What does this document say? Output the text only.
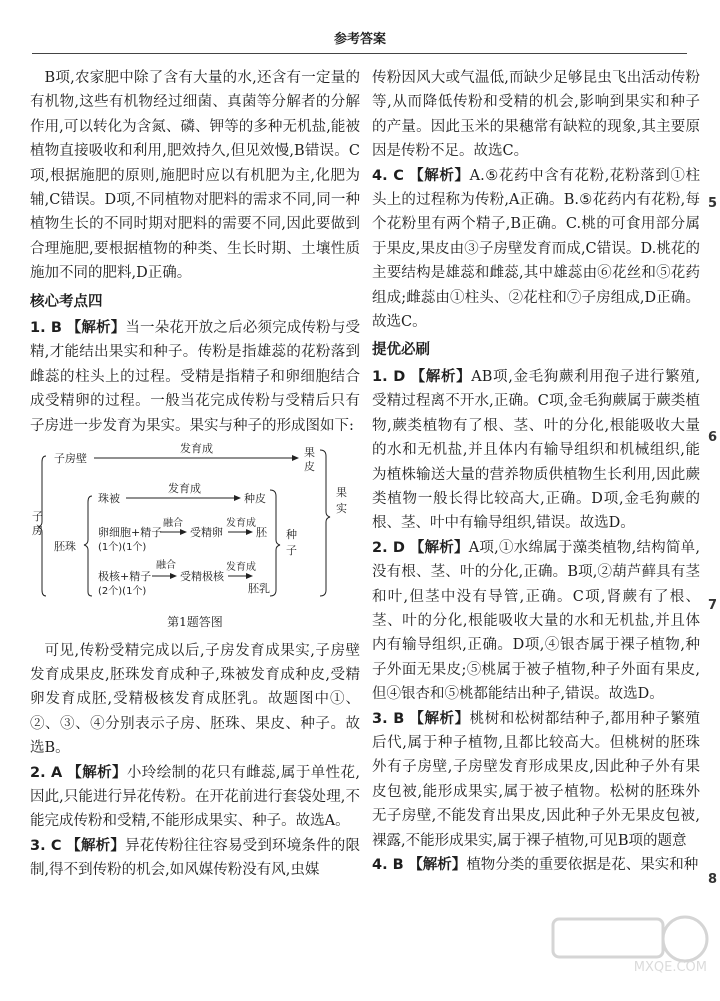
参考答案

B项,农家肥中除了含有大量的水,还含有一定量的有机物,这些有机物经过细菌、真菌等分解者的分解作用,可以转化为含氮、磷、钾等的多种无机盐,能被植物直接吸收和利用,肥效持久,但见效慢,B错误。C项,根据施肥的原则,施肥时应以有机肥为主,化肥为辅,C错误。D项,不同植物对肥料的需求不同,同一种植物生长的不同时期对肥料的需要不同,因此要做到合理施肥,要根据植物的种类、生长时期、土壤性质施加不同的肥料,D正确。

核心考点四

1. B 【解析】当一朵花开放之后必须完成传粉与受精,才能结出果实和种子。传粉是指雄蕊的花粉落到雌蕊的柱头上的过程。受精是指精子和卵细胞结合成受精卵的过程。一般当花完成传粉与受精后只有子房进一步发育为果实。果实与种子的形成图如下:

子
房
子房壁
发育成	果
皮
果
实
胚珠
珠被
发育成
种皮
种
子
卵细胞+精子
(1个)(1个)
融合
受精卵
发育成
胚
极核+精子
(2个)(1个)
融合
受精极核
发育成
胚乳

第1题答图

可见,传粉受精完成以后,子房发育成果实,子房壁发育成果皮,胚珠发育成种子,珠被发育成种皮,受精卵发育成胚,受精极核发育成胚乳。故题图中①、②、③、④分别表示子房、胚珠、果皮、种子。故选B。

2. A 【解析】小玲绘制的花只有雌蕊,属于单性花,因此,只能进行异花传粉。在开花前进行套袋处理,不能完成传粉和受精,不能形成果实、种子。故选A。

3. C 【解析】异花传粉往往容易受到环境条件的限制,得不到传粉的机会,如风媒传粉没有风,虫媒

传粉因风大或气温低,而缺少足够昆虫飞出活动传粉等,从而降低传粉和受精的机会,影响到果实和种子的产量。因此玉米的果穗常有缺粒的现象,其主要原因是传粉不足。故选C。

4. C 【解析】A.⑤花药中含有花粉,花粉落到①柱头上的过程称为传粉,A正确。B.⑤花药内有花粉,每个花粉里有两个精子,B正确。C.桃的可食用部分属于果皮,果皮由③子房壁发育而成,C错误。D.桃花的主要结构是雄蕊和雌蕊,其中雄蕊由⑥花丝和⑤花药组成;雌蕊由①柱头、②花柱和⑦子房组成,D正确。故选C。

提优必刷

1. D 【解析】AB项,金毛狗蕨利用孢子进行繁殖,受精过程离不开水,正确。C项,金毛狗蕨属于蕨类植物,蕨类植物有了根、茎、叶的分化,根能吸收大量的水和无机盐,并且体内有输导组织和机械组织,能为植株输送大量的营养物质供植物生长利用,因此蕨类植物一般长得比较高大,正确。D项,金毛狗蕨的根、茎、叶中有输导组织,错误。故选D。

2. D 【解析】A项,①水绵属于藻类植物,结构简单,没有根、茎、叶的分化,正确。B项,②葫芦藓具有茎和叶,但茎中没有导管,正确。C项,肾蕨有了根、茎、叶的分化,根能吸收大量的水和无机盐,并且体内有输导组织,正确。D项,④银杏属于裸子植物,种子外面无果皮;⑤桃属于被子植物,种子外面有果皮,但④银杏和⑤桃都能结出种子,错误。故选D。

3. B 【解析】桃树和松树都结种子,都用种子繁殖后代,属于种子植物,且都比较高大。但桃树的胚珠外有子房壁,子房壁发育形成果皮,因此种子外有果皮包被,能形成果实,属于被子植物。松树的胚珠外无子房壁,不能发育出果皮,因此种子外无果皮包被,裸露,不能形成果实,属于裸子植物,可见B项的题意

4. B 【解析】植物分类的重要依据是花、果实和种

5
6
7
8
MXQE.COM
